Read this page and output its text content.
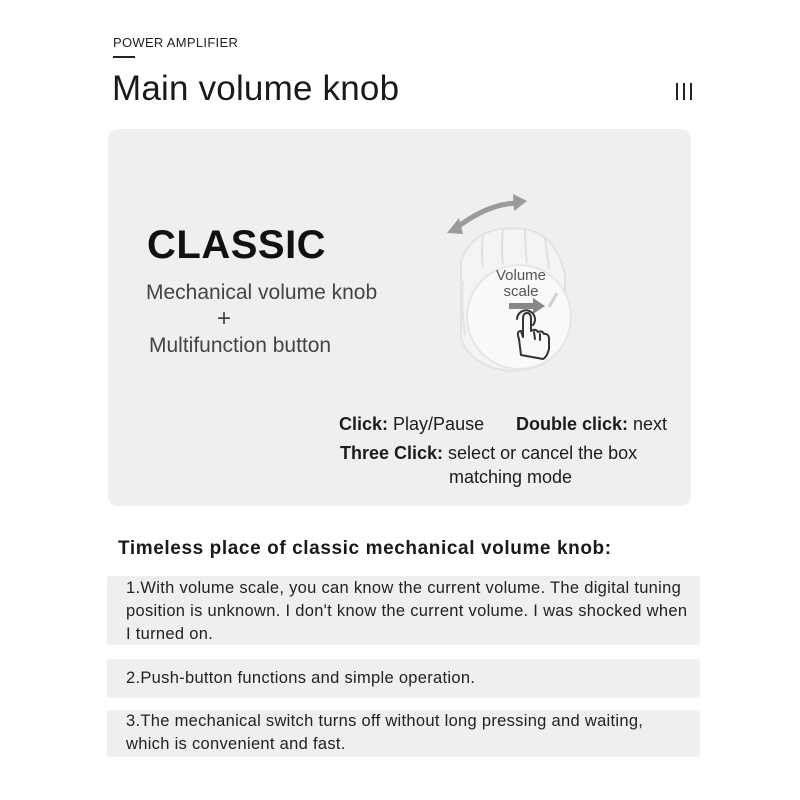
POWER AMPLIFIER
Main volume knob
CLASSIC
Mechanical volume knob
+
Multifunction button
Volume
scale
Click: Play/Pause Double click: next
Three Click: select or cancel the box
matching mode
Timeless place of classic mechanical volume knob:
1.With volume scale, you can know the current volume. The digital tuning position is unknown. I don't know the current volume. I was shocked when I turned on.
2.Push-button functions and simple operation.
3.The mechanical switch turns off without long pressing and waiting, which is convenient and fast.
